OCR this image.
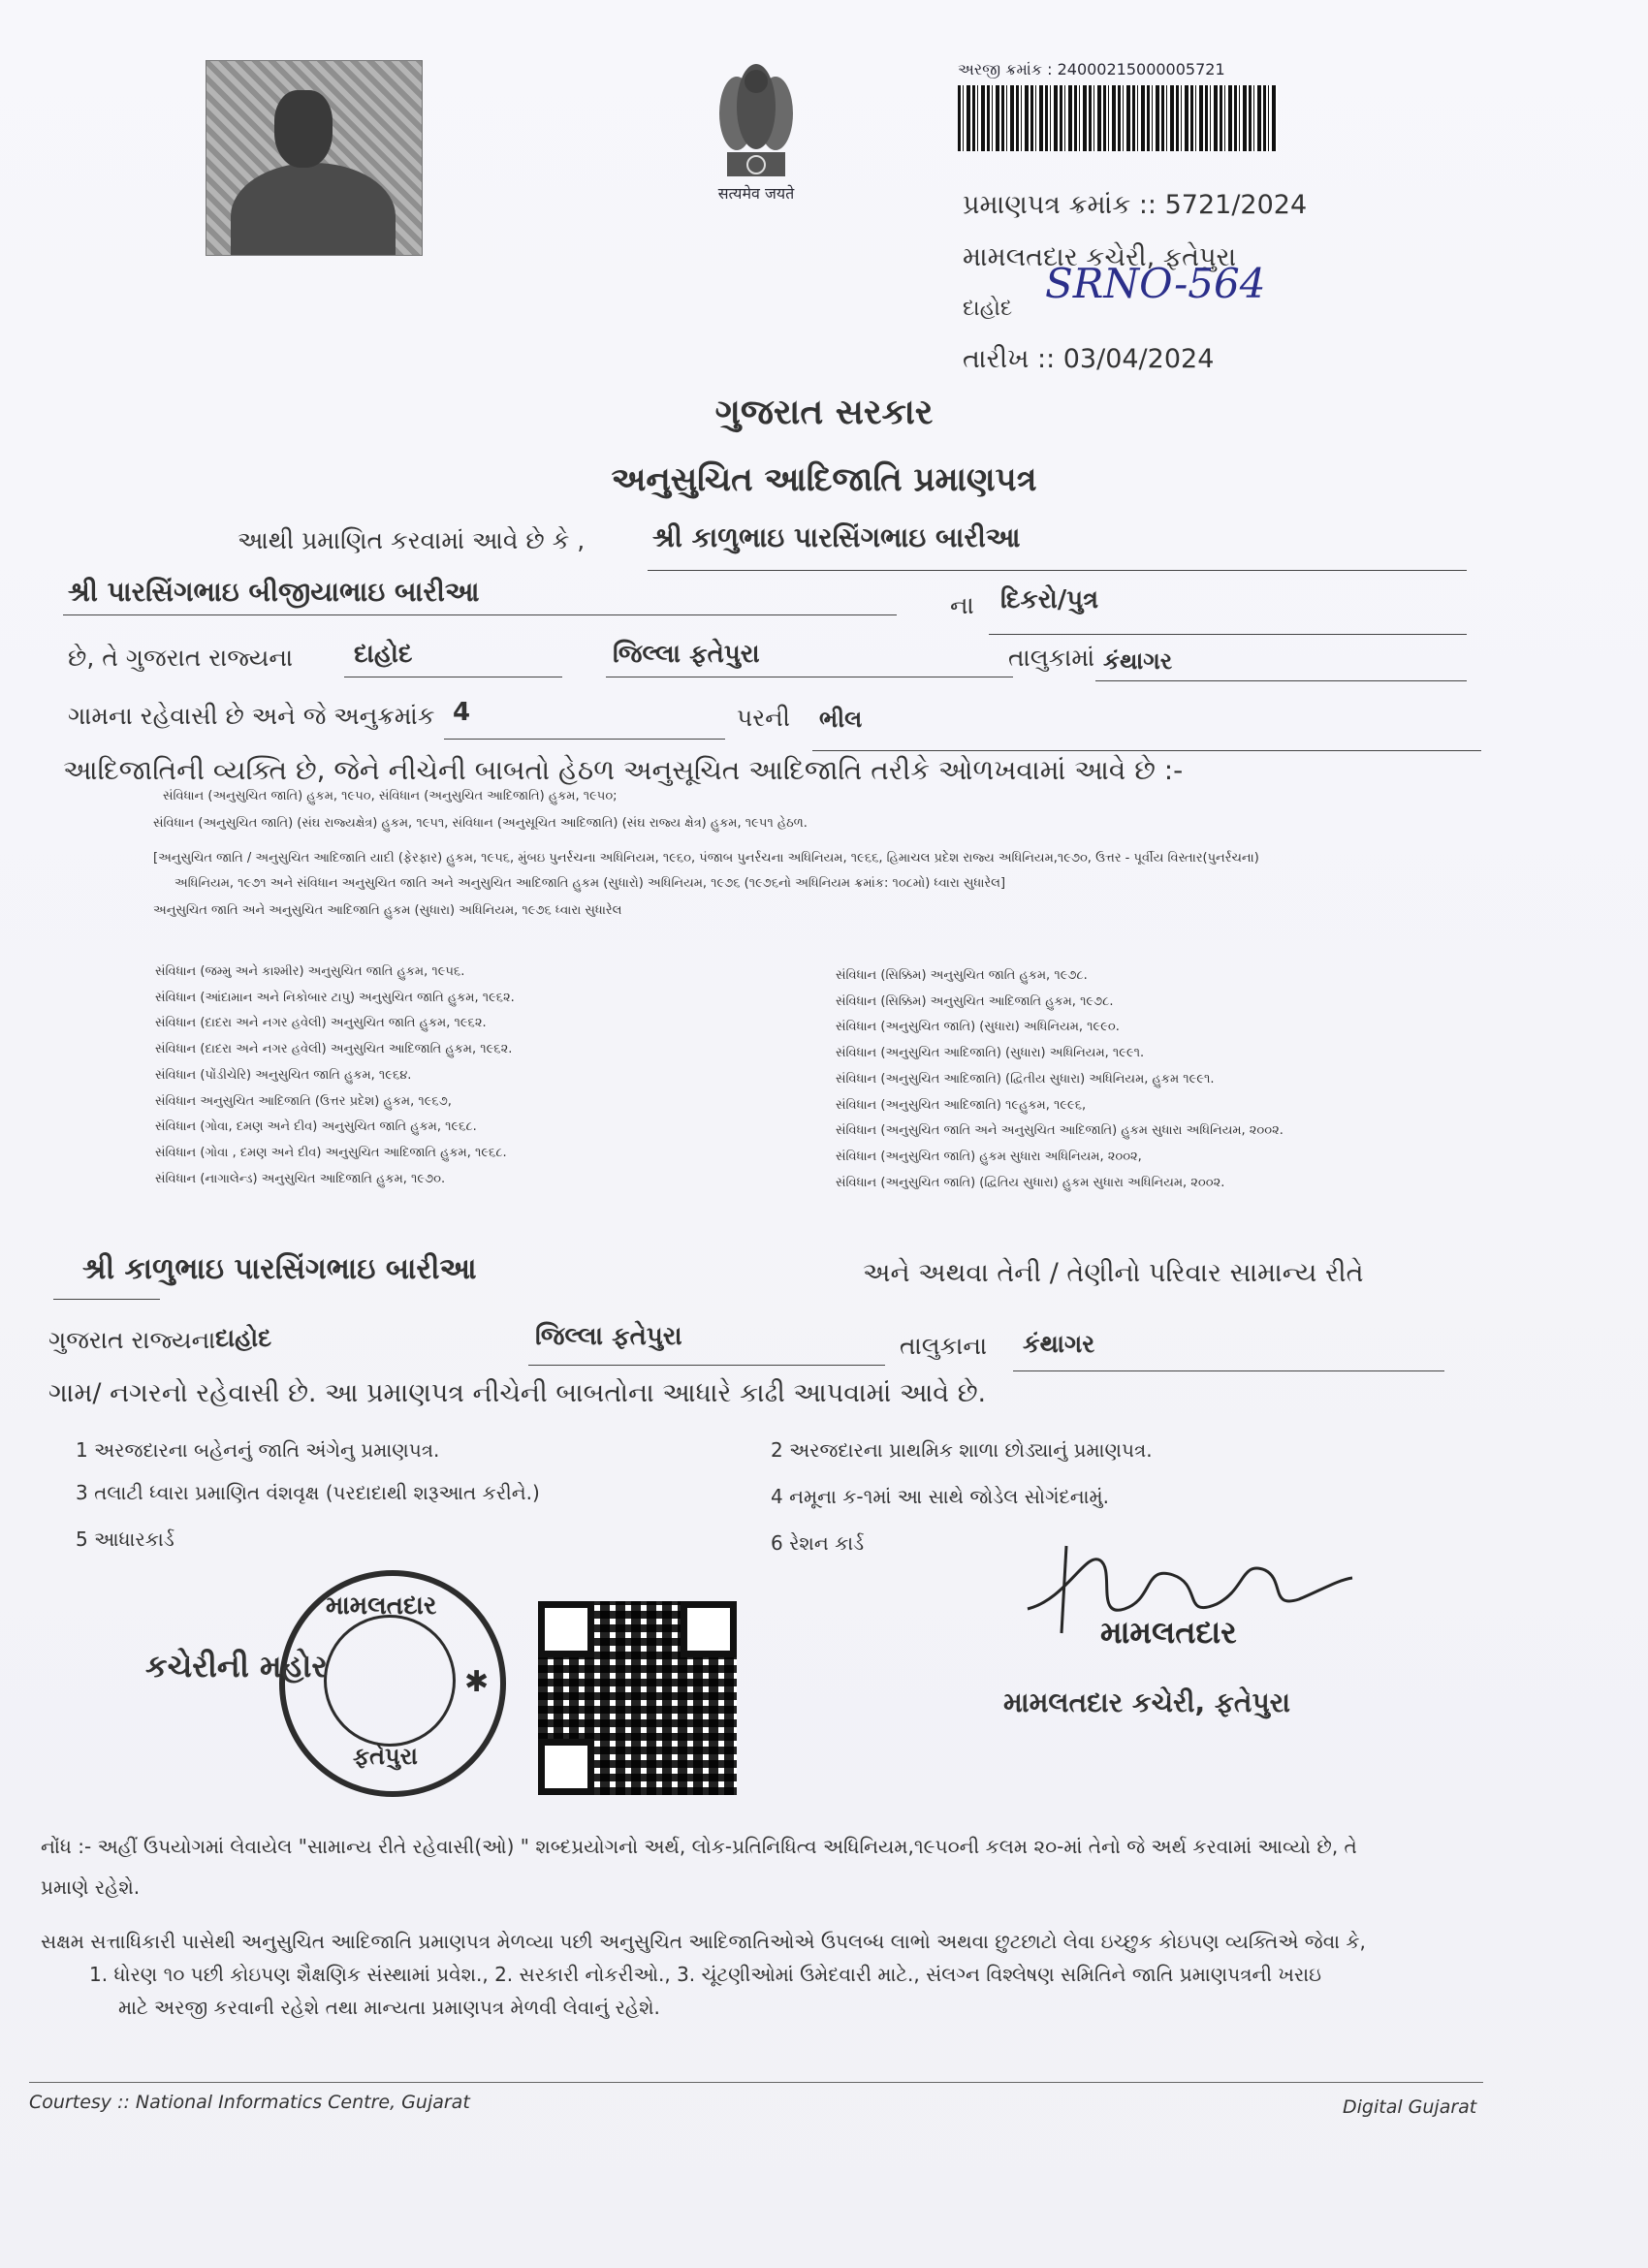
सत्यमेव जयते
અરજી ક્રમાંક : 24000215000005721
પ્રમાણપત્ર ક્રમાંક :: 5721/2024
મામલતદાર કચેરી, ફતેપુરા
દાહોદ
SRNO-564
તારીખ :: 03/04/2024
ગુજરાત સરકાર
અનુસુચિત આદિજાતિ પ્રમાણપત્ર
આથી પ્રમાણિત કરવામાં આવે છે કે , શ્રી કાળુભાઇ પારસિંગભાઇ બારીઆ
શ્રી પારસિંગભાઇ બીજીયાભાઇ બારીઆ	ના દિકરો/પુત્ર
છે, તે ગુજરાત રાજ્યના દાહોદ	જિલ્લા ફતેપુરા	તાલુકામાં કંથાગર
ગામના રહેવાસી છે અને જે અનુક્રમાંક 4	પરની ભીલ
આદિજાતિની વ્યક્તિ છે, જેને નીચેની બાબતો હેઠળ અનુસૂચિત આદિજાતિ તરીકે ઓળખવામાં આવે છે :-
સંવિધાન (અનુસુચિત જાતિ) હુકમ, ૧૯૫૦, સંવિધાન (અનુસુચિત આદિજાતિ) હુકમ, ૧૯૫૦;
સંવિધાન (અનુસુચિત જાતિ) (સંઘ રાજ્યક્ષેત્ર) હુકમ, ૧૯૫૧, સંવિધાન (અનુસૂચિત આદિજાતિ) (સંઘ રાજ્ય ક્ષેત્ર) હુકમ, ૧૯૫૧ હેઠળ.
[અનુસુચિત જાતિ / અનુસુચિત આદિજાતિ યાદી (ફેરફાર) હુકમ, ૧૯૫૬, મુંબઇ પુનર્રચના અધિનિયમ, ૧૯૬૦, પંજાબ પુનર્રચના અધિનિયમ, ૧૯૬૬, હિમાચલ પ્રદેશ રાજ્ય અધિનિયમ,૧૯૭૦, ઉત્તર - પૂર્વીય વિસ્તાર(પુનર્રચના)
અધિનિયમ, ૧૯૭૧ અને સંવિધાન અનુસુચિત જાતિ અને અનુસુચિત આદિજાતિ હુકમ (સુધારો) અધિનિયમ, ૧૯૭૬ (૧૯૭૬નો અધિનિયમ ક્રમાંક: ૧૦૮મો) ધ્વારા સુધારેલ]
અનુસુચિત જાતિ અને અનુસુચિત આદિજાતિ હુકમ (સુધારા) અધિનિયમ, ૧૯૭૬ ધ્વારા સુધારેલ
સંવિધાન (જમ્મુ અને કાશ્મીર) અનુસુચિત જાતિ હુકમ, ૧૯૫૬.
સંવિધાન (આંદામાન અને નિકોબાર ટાપુ) અનુસુચિત જાતિ હુકમ, ૧૯૬૨.
સંવિધાન (દાદરા અને નગર હવેલી) અનુસુચિત જાતિ હુકમ, ૧૯૬૨.
સંવિધાન (દાદરા અને નગર હવેલી) અનુસુચિત આદિજાતિ હુકમ, ૧૯૬૨.
સંવિધાન (પોંડીચેરિ) અનુસુચિત જાતિ હુકમ, ૧૯૬૪.
સંવિધાન અનુસુચિત આદિજાતિ (ઉત્તર પ્રદેશ) હુકમ, ૧૯૬૭,
સંવિધાન (ગોવા, દમણ અને દીવ) અનુસુચિત જાતિ હુકમ, ૧૯૬૮.
સંવિધાન (ગોવા , દમણ અને દીવ) અનુસુચિત આદિજાતિ હુકમ, ૧૯૬૮.
સંવિધાન (નાગાલેન્ડ) અનુસુચિત આદિજાતિ હુકમ, ૧૯૭૦.
સંવિધાન (સિક્કિમ) અનુસુચિત જાતિ હુકમ, ૧૯૭૮.
સંવિધાન (સિક્કિમ) અનુસુચિત આદિજાતિ હુકમ, ૧૯૭૮.
સંવિધાન (અનુસુચિત જાતિ) (સુધારા) અધિનિયમ, ૧૯૯૦.
સંવિધાન (અનુસુચિત આદિજાતિ) (સુધારા) અધિનિયમ, ૧૯૯૧.
સંવિધાન (અનુસુચિત આદિજાતિ) (દ્વિતીય સુધારા) અધિનિયમ, હુકમ ૧૯૯૧.
સંવિધાન (અનુસુચિત આદિજાતિ) ૧૯હુકમ, ૧૯૯૬,
સંવિધાન (અનુસુચિત જાતિ અને અનુસુચિત આદિજાતિ) હુકમ સુધારા અધિનિયમ, ૨૦૦૨.
સંવિધાન (અનુસુચિત જાતિ) હુકમ સુધારા અધિનિયમ, ૨૦૦૨,
સંવિધાન (અનુસુચિત જાતિ) (દ્વિતિય સુધારા) હુકમ સુધારા અધિનિયમ, ૨૦૦૨.
શ્રી કાળુભાઇ પારસિંગભાઇ બારીઆ	અને અથવા તેની / તેણીનો પરિવાર સામાન્ય રીતે
ગુજરાત રાજ્યના દાહોદ	જિલ્લા ફતેપુરા	તાલુકાના કંથાગર
ગામ/ નગરનો રહેવાસી છે. આ પ્રમાણપત્ર નીચેની બાબતોના આધારે કાઢી આપવામાં આવે છે.
1 અરજદારના બહેનનું જાતિ અંગેનુ પ્રમાણપત્ર.	2 અરજદારના પ્રાથમિક શાળા છોડ્યાનું પ્રમાણપત્ર.
3 તલાટી ધ્વારા પ્રમાણિત વંશવૃક્ષ (પરદાદાથી શરૂઆત કરીને.)	4 નમૂના ક-૧માં આ સાથે જોડેલ સોગંદનામું.
5 આધારકાર્ડ	6 રેશન કાર્ડ
મામલતદાર
ફતેપુરા
✱
કચેરીની મહોર
મામલતદાર
મામલતદાર કચેરી, ફતેપુરા
નોંધ :- અહીં ઉપયોગમાં લેવાયેલ "સામાન્ય રીતે રહેવાસી(ઓ) " શબ્દપ્રયોગનો અર્થ, લોક-પ્રતિનિધિત્વ અધિનિયમ,૧૯૫૦ની કલમ ૨૦-માં તેનો જે અર્થ કરવામાં આવ્યો છે, તે
પ્રમાણે રહેશે.
સક્ષમ સત્તાધિકારી પાસેથી અનુસુચિત આદિજાતિ પ્રમાણપત્ર મેળવ્યા પછી અનુસુચિત આદિજાતિઓએ ઉપલબ્ધ લાભો અથવા છુટછાટો લેવા ઇચ્છુક કોઇપણ વ્યક્તિએ જેવા કે,
1. ધોરણ ૧૦ પછી કોઇપણ શૈક્ષણિક સંસ્થામાં પ્રવેશ., 2. સરકારી નોકરીઓ., 3. ચૂંટણીઓમાં ઉમેદવારી માટે., સંલગ્ન વિશ્લેષણ સમિતિને જાતિ પ્રમાણપત્રની ખરાઇ
માટે અરજી કરવાની રહેશે તથા માન્યતા પ્રમાણપત્ર મેળવી લેવાનું રહેશે.
Courtesy :: National Informatics Centre, Gujarat	Digital Gujarat
